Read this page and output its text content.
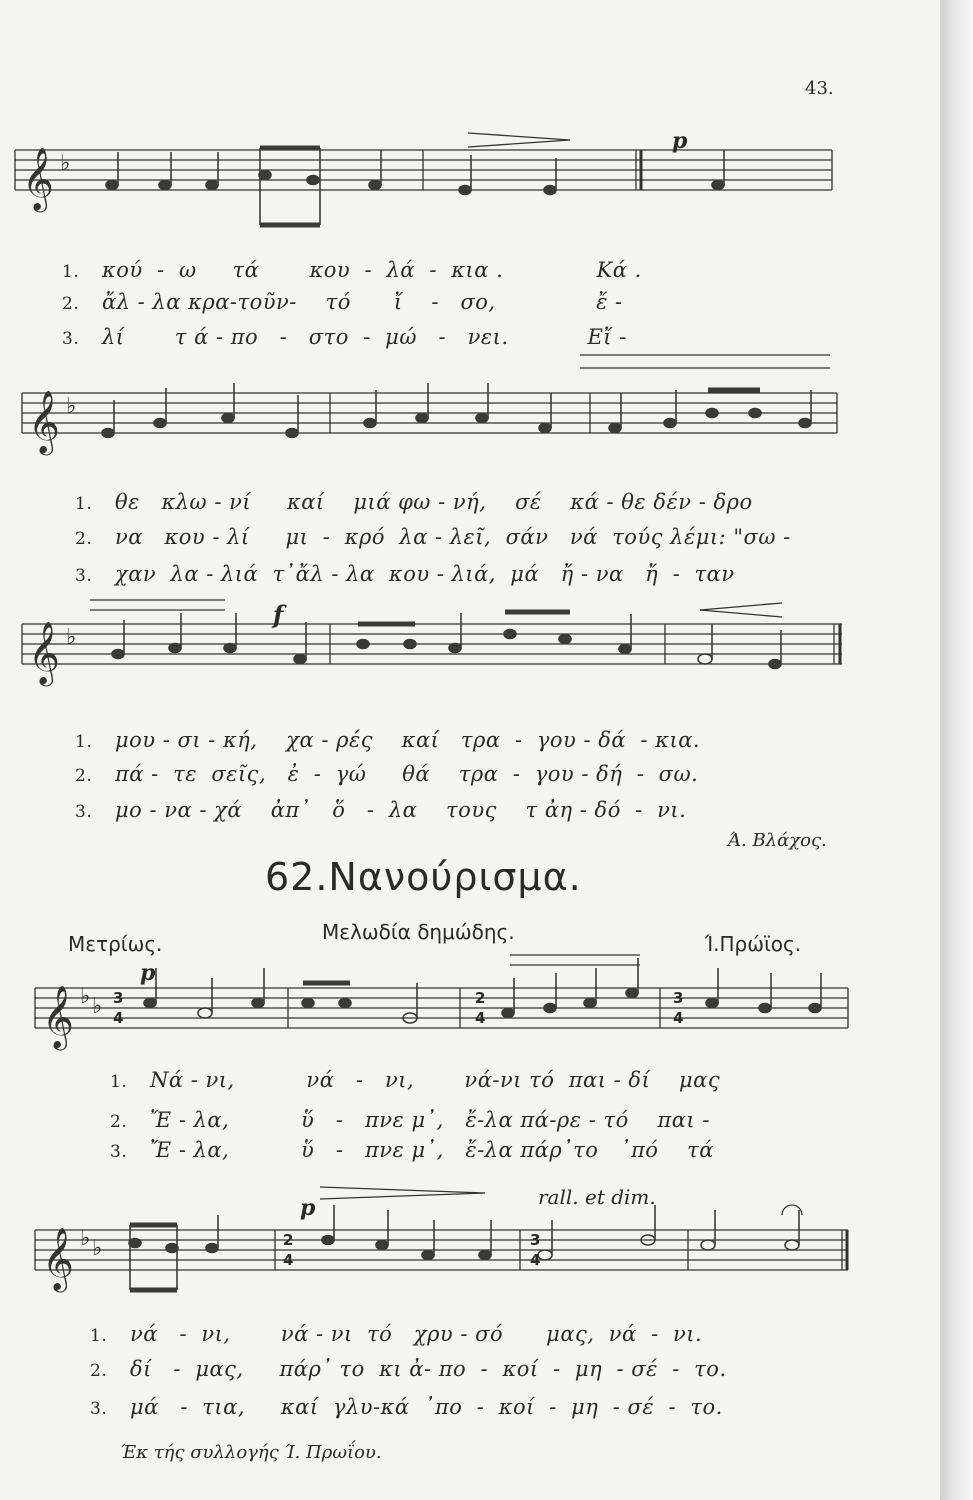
43.
𝄞 ♭
𝄞 ♭
𝄞 ♭
𝄞 ♭ ♭
𝄞 ♭ ♭
p
f
p
p	rall. et dim.
3 4
2 4
3 4
2 4
3 4
1. κού  -  ω     τά       κου  -  λά  -  κια .             Κά .
2. ἄλ - λα κρα-τοῦν-    τό      ἴ    -   σο,              ἔ -
3. λί       τ ά - πο   -   στο  -  μώ   -   νει.           Εἴ -
1. θε   κλω - νί     καί    μιά φω - νή,    σέ    κά - θε δέν - δρο
2. να   κου - λί     μι  -  κρό  λα - λεῖ,  σάν   νά  τούς λέμι: "σω -
3. χαν  λα - λιά  τ᾽ἄλ - λα  κου - λιά,  μά   ἤ - να   ἤ  -  ταν
1. μου - σι - κή,    χα - ρές    καί   τρα  -  γου - δά  - κια.
2. πά -  τε  σεῖς,   ἐ  -  γώ     θά    τρα  -  γου - δή  -  σω.
3. μο - να - χά    ἀπ᾽   ὅ   -  λα    τους    τ ἀη - δό  -  νι.
Ά. Βλάχος.
62.Νανούρισμα.
Μετρίως.	Μελωδία δημώδης.	Ί.Πρώϊος.
1. Νά - νι,          νά   -   νι,       νά-νι τό  παι - δί    μας
2. Ἔ - λα,          ὕ   -   πνε μ᾽,   ἔ-λα πά-ρε - τό    παι -
3. Ἔ - λα,          ὕ   -   πνε μ᾽,   ἔ-λα πάρ᾽το   ᾽πό    τά
1. νά   -  νι,       νά - νι  τό   χρυ - σό      μας,  νά  -  νι.
2. δί   -  μας,     πάρ᾽ το  κι ἀ- πο  -  κοί  -  μη  - σέ  -  το.
3. μά   -  τια,     καί  γλυ-κά  ᾽πο  -  κοί  -  μη  - σέ  -  το.
Έκ τής συλλογής Ί. Πρωΐου.
